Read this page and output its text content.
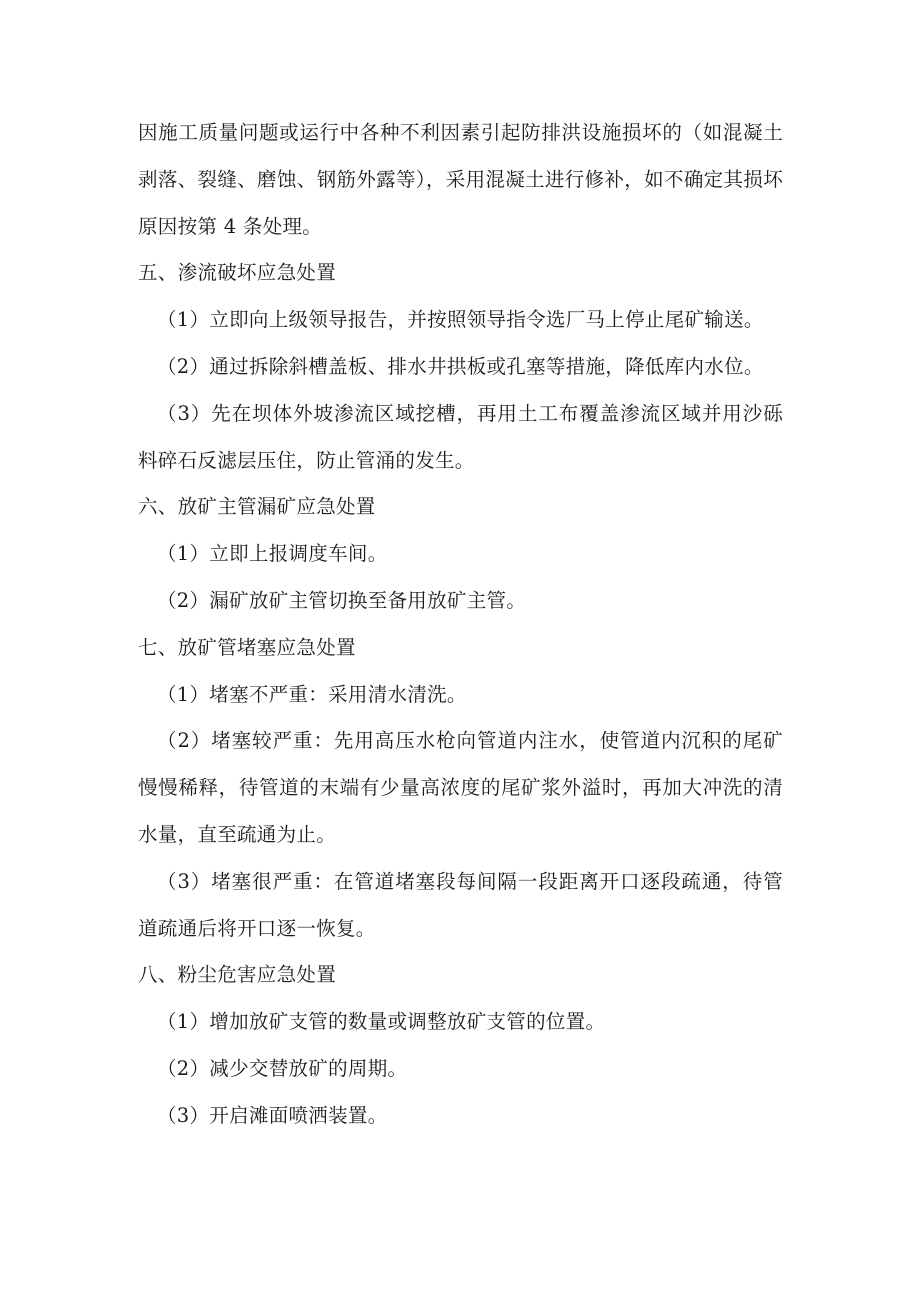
因施工质量问题或运行中各种不利因素引起防排洪设施损坏的（如混凝土剥落、裂缝、磨蚀、钢筋外露等），采用混凝土进行修补，如不确定其损坏原因按第 4 条处理。

五、渗流破坏应急处置

（1）立即向上级领导报告，并按照领导指令选厂马上停止尾矿输送。

（2）通过拆除斜槽盖板、排水井拱板或孔塞等措施，降低库内水位。

（3）先在坝体外坡渗流区域挖槽，再用土工布覆盖渗流区域并用沙砾料碎石反滤层压住，防止管涌的发生。

六、放矿主管漏矿应急处置

（1）立即上报调度车间。

（2）漏矿放矿主管切换至备用放矿主管。

七、放矿管堵塞应急处置

（1）堵塞不严重：采用清水清洗。

（2）堵塞较严重：先用高压水枪向管道内注水，使管道内沉积的尾矿慢慢稀释，待管道的末端有少量高浓度的尾矿浆外溢时，再加大冲洗的清水量，直至疏通为止。

（3）堵塞很严重：在管道堵塞段每间隔一段距离开口逐段疏通，待管道疏通后将开口逐一恢复。

八、粉尘危害应急处置

（1）增加放矿支管的数量或调整放矿支管的位置。

（2）减少交替放矿的周期。

（3）开启滩面喷洒装置。
